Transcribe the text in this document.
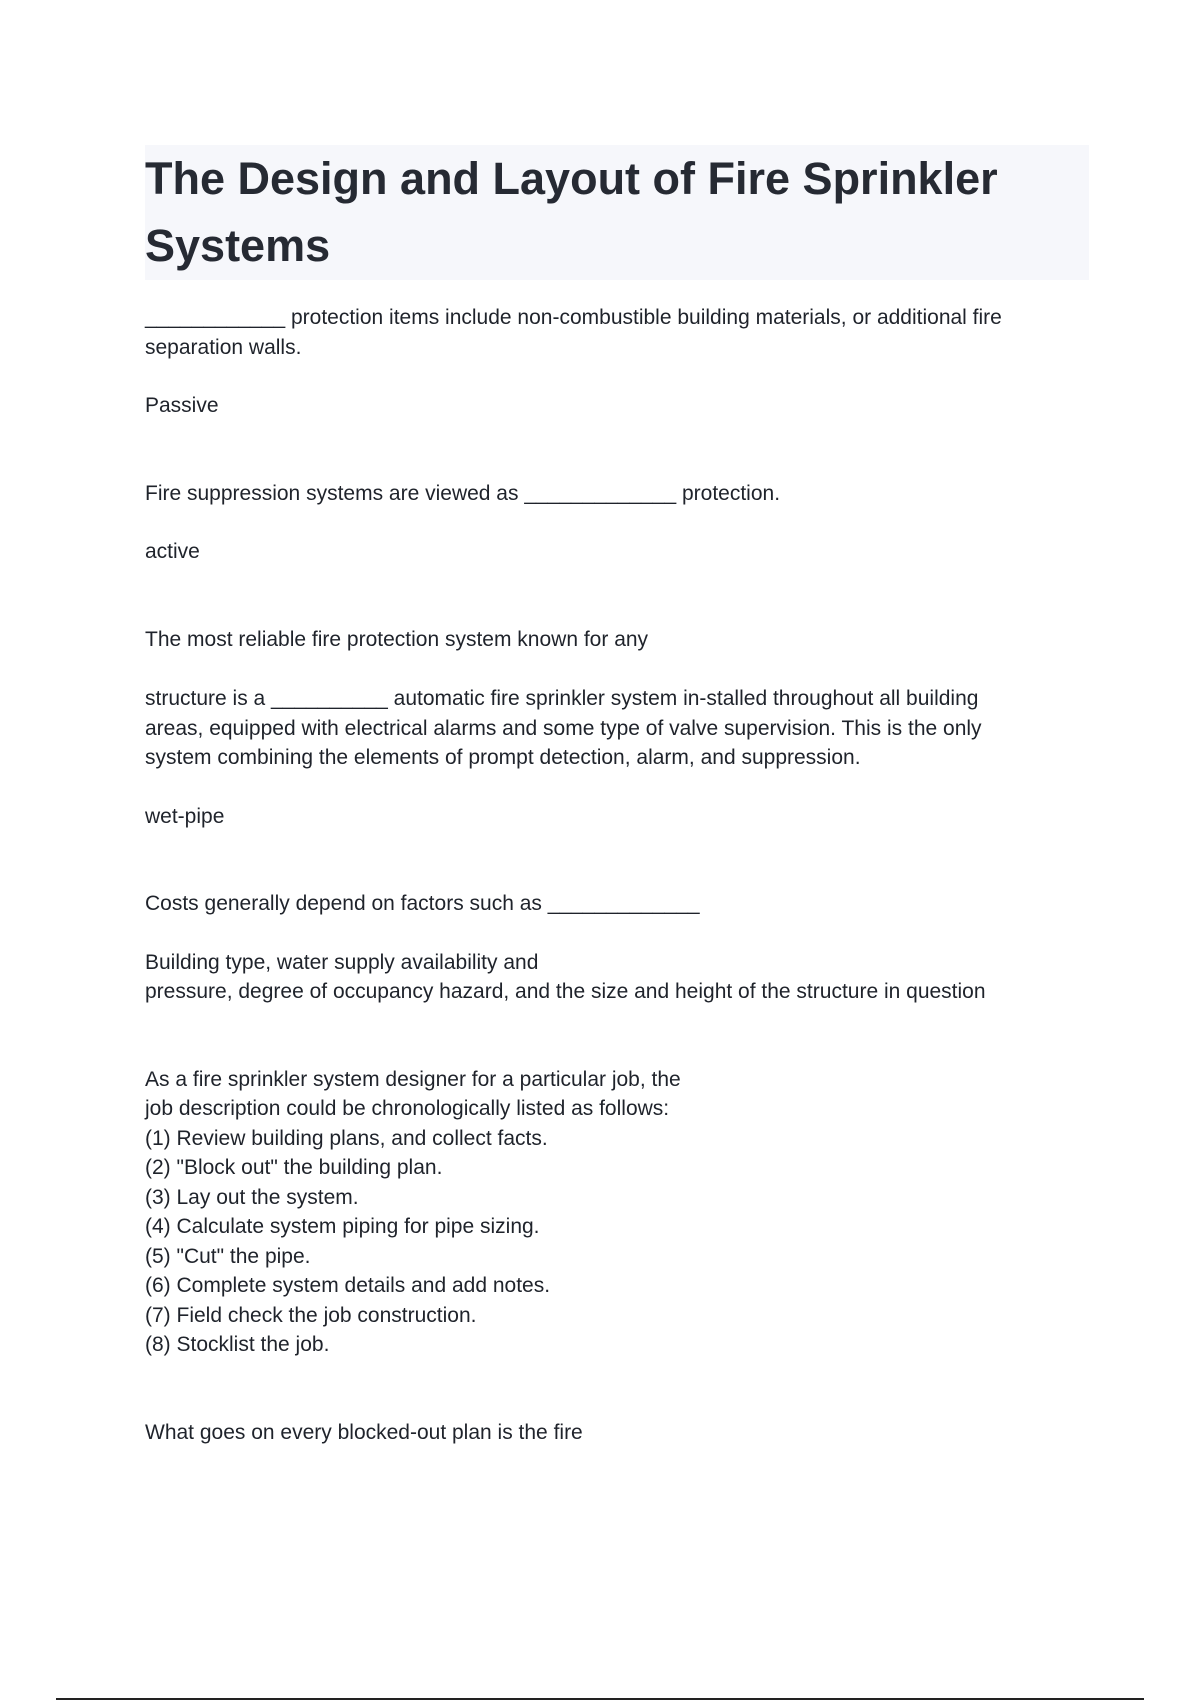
The Design and Layout of Fire Sprinkler Systems

____________ protection items include non-combustible building materials, or additional fire
separation walls.

Passive

Fire suppression systems are viewed as _____________ protection.

active

The most reliable fire protection system known for any

structure is a __________ automatic fire sprinkler system in-stalled throughout all building
areas, equipped with electrical alarms and some type of valve supervision. This is the only
system combining the elements of prompt detection, alarm, and suppression.

wet-pipe

Costs generally depend on factors such as _____________

Building type, water supply availability and
pressure, degree of occupancy hazard, and the size and height of the structure in question

As a fire sprinkler system designer for a particular job, the
job description could be chronologically listed as follows:
(1) Review building plans, and collect facts.
(2) "Block out" the building plan.
(3) Lay out the system.
(4) Calculate system piping for pipe sizing.
(5) "Cut" the pipe.
(6) Complete system details and add notes.
(7) Field check the job construction.
(8) Stocklist the job.

What goes on every blocked-out plan is the fire
